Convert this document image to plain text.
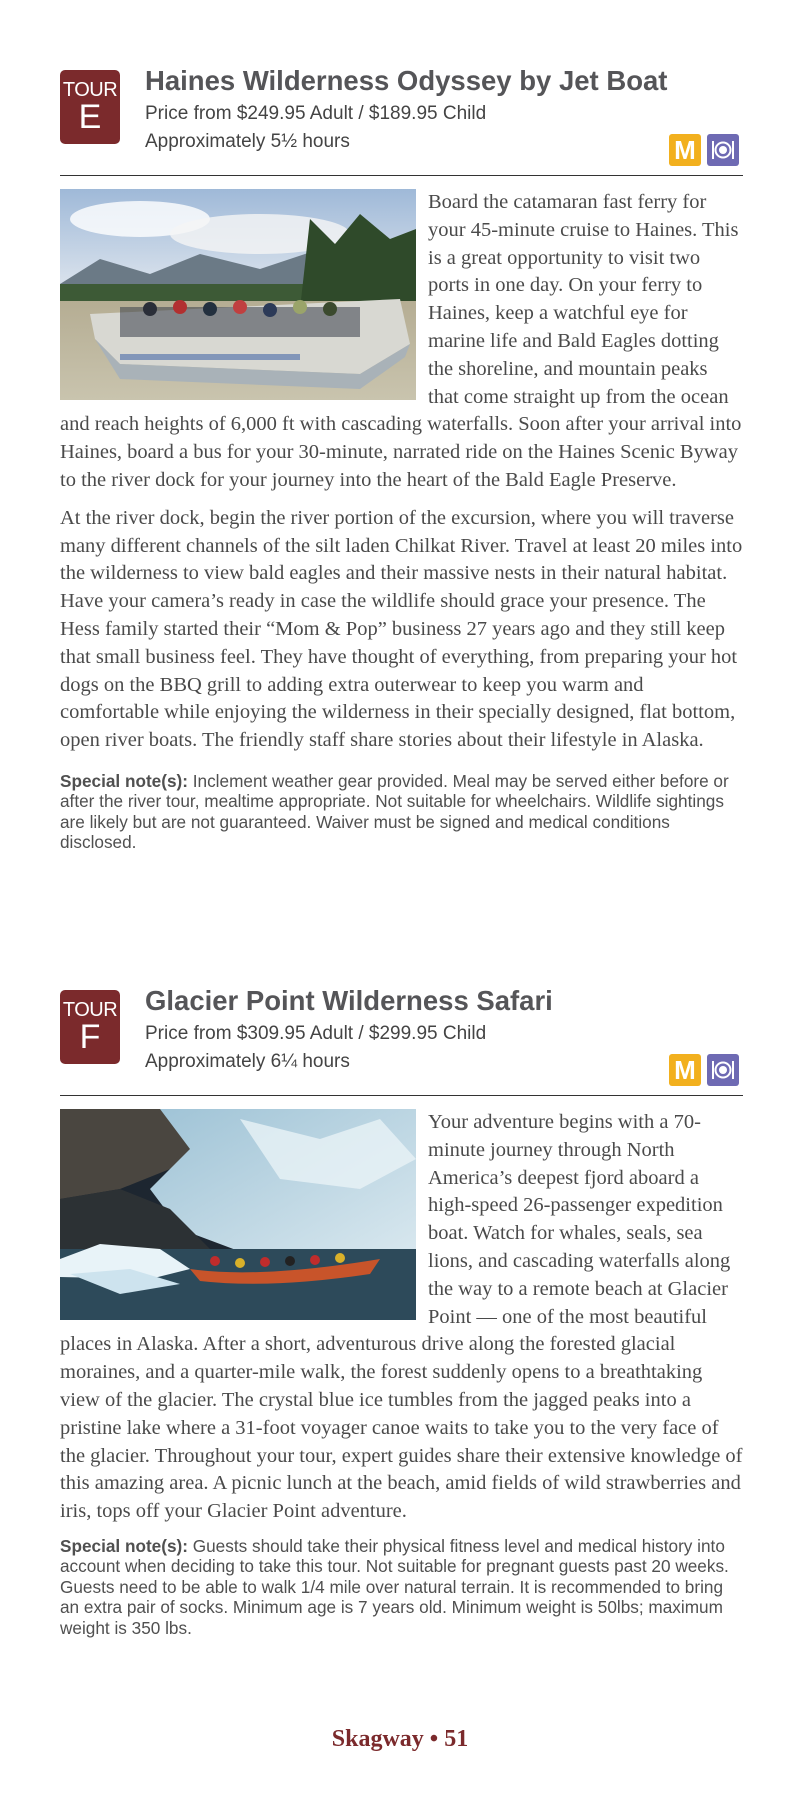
TOUR
E
Haines Wilderness Odyssey by Jet Boat
Price from $249.95 Adult / $189.95 Child
Approximately 5½ hours	M

Board the catamaran fast ferry for your 45-minute cruise to Haines. This is a great opportunity to visit two ports in one day. On your ferry to Haines, keep a watchful eye for marine life and Bald Eagles dotting the shoreline, and mountain peaks that come straight up from the ocean and reach heights of 6,000 ft with cascading waterfalls. Soon after your arrival into Haines, board a bus for your 30-minute, narrated ride on the Haines Scenic Byway to the river dock for your journey into the heart of the Bald Eagle Preserve.

At the river dock, begin the river portion of the excursion, where you will traverse many different channels of the silt laden Chilkat River. Travel at least 20 miles into the wilderness to view bald eagles and their massive nests in their natural habitat. Have your camera’s ready in case the wildlife should grace your presence. The Hess family started their “Mom & Pop” business 27 years ago and they still keep that small business feel. They have thought of everything, from preparing your hot dogs on the BBQ grill to adding extra outerwear to keep you warm and comfortable while enjoying the wilderness in their specially designed, flat bottom, open river boats. The friendly staff share stories about their lifestyle in Alaska.

Special note(s): Inclement weather gear provided. Meal may be served either before or after the river tour, mealtime appropriate. Not suitable for wheelchairs. Wildlife sightings are likely but are not guaranteed. Waiver must be signed and medical conditions disclosed.

TOUR
F
Glacier Point Wilderness Safari
Price from $309.95 Adult / $299.95 Child
Approximately 6¼ hours	M

Your adventure begins with a 70-minute journey through North America’s deepest fjord aboard a high-speed 26-passenger expedition boat. Watch for whales, seals, sea lions, and cascading waterfalls along the way to a remote beach at Glacier Point — one of the most beautiful places in Alaska. After a short, adventurous drive along the forested glacial moraines, and a quarter-mile walk, the forest suddenly opens to a breathtaking view of the glacier. The crystal blue ice tumbles from the jagged peaks into a pristine lake where a 31-foot voyager canoe waits to take you to the very face of the glacier. Throughout your tour, expert guides share their extensive knowledge of this amazing area. A picnic lunch at the beach, amid fields of wild strawberries and iris, tops off your Glacier Point adventure.

Special note(s): Guests should take their physical fitness level and medical history into account when deciding to take this tour. Not suitable for pregnant guests past 20 weeks. Guests need to be able to walk 1/4 mile over natural terrain. It is recommended to bring an extra pair of socks. Minimum age is 7 years old. Minimum weight is 50lbs; maximum weight is 350 lbs.

Skagway • 51
